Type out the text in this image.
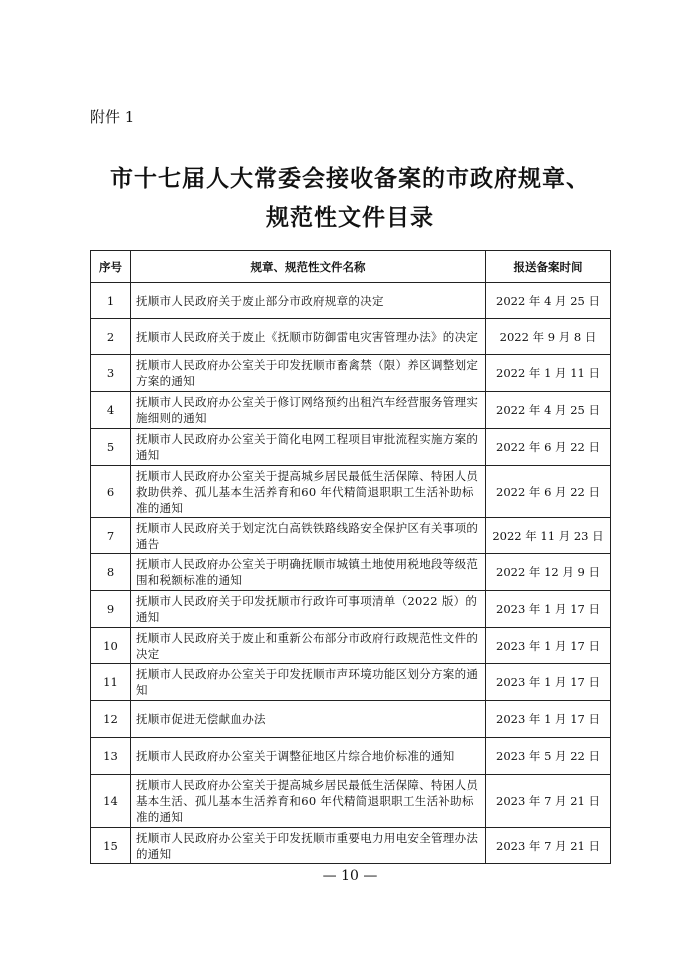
附件 1
市十七届人大常委会接收备案的市政府规章、
规范性文件目录
序号	规章、规范性文件名称	报送备案时间
1	抚顺市人民政府关于废止部分市政府规章的决定	2022 年 4 月 25 日
2	抚顺市人民政府关于废止《抚顺市防御雷电灾害管理办法》的决定	2022 年 9 月 8 日
3	抚顺市人民政府办公室关于印发抚顺市畜禽禁（限）养区调整划定方案的通知	2022 年 1 月 11 日
4	抚顺市人民政府办公室关于修订网络预约出租汽车经营服务管理实施细则的通知	2022 年 4 月 25 日
5	抚顺市人民政府办公室关于简化电网工程项目审批流程实施方案的通知	2022 年 6 月 22 日
6	抚顺市人民政府办公室关于提高城乡居民最低生活保障、特困人员救助供养、孤儿基本生活养育和60 年代精简退职职工生活补助标准的通知	2022 年 6 月 22 日
7	抚顺市人民政府关于划定沈白高铁铁路线路安全保护区有关事项的通告	2022 年 11 月 23 日
8	抚顺市人民政府办公室关于明确抚顺市城镇土地使用税地段等级范围和税额标准的通知	2022 年 12 月 9 日
9	抚顺市人民政府关于印发抚顺市行政许可事项清单（2022 版）的通知	2023 年 1 月 17 日
10	抚顺市人民政府关于废止和重新公布部分市政府行政规范性文件的决定	2023 年 1 月 17 日
11	抚顺市人民政府办公室关于印发抚顺市声环境功能区划分方案的通知	2023 年 1 月 17 日
12	抚顺市促进无偿献血办法	2023 年 1 月 17 日
13	抚顺市人民政府办公室关于调整征地区片综合地价标准的通知	2023 年 5 月 22 日
14	抚顺市人民政府办公室关于提高城乡居民最低生活保障、特困人员基本生活、孤儿基本生活养育和60 年代精简退职职工生活补助标准的通知	2023 年 7 月 21 日
15	抚顺市人民政府办公室关于印发抚顺市重要电力用电安全管理办法的通知	2023 年 7 月 21 日
— 10 —
